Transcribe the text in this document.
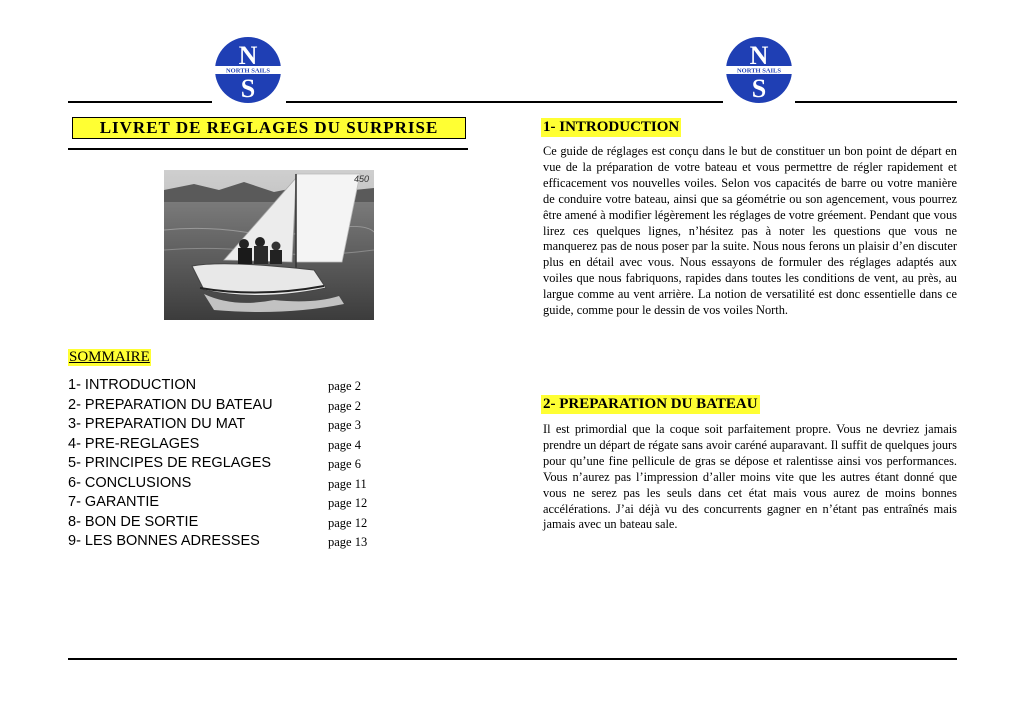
N
S
NORTH SAILS
N
S
NORTH SAILS
LIVRET DE REGLAGES DU SURPRISE
450
SOMMAIRE
1- INTRODUCTION	page 2
2- PREPARATION DU BATEAU	page 2
3- PREPARATION DU MAT	page 3
4- PRE-REGLAGES	page 4
5- PRINCIPES DE REGLAGES	page 6
6- CONCLUSIONS	page 11
7- GARANTIE	page 12
8- BON DE SORTIE	page 12
9- LES BONNES ADRESSES	page 13
1- INTRODUCTION

Ce guide de réglages est conçu dans le but de constituer un bon point de départ en vue de la préparation de votre bateau et vous permettre de régler rapidement et efficacement vos nouvelles voiles. Selon vos capacités de barre ou votre manière de conduire votre bateau, ainsi que sa géométrie ou son agencement, vous pourrez être amené à modifier légèrement les réglages de votre gréement. Pendant que vous lirez ces quelques lignes, n’hésitez pas à noter les questions que vous ne manquerez pas de nous poser par la suite. Nous nous ferons un plaisir d’en discuter plus en détail avec vous. Nous essayons de formuler des réglages adaptés aux voiles que nous fabriquons, rapides dans toutes les conditions de vent, au près, au largue comme au vent arrière. La notion de versatilité est donc essentielle dans ce guide, comme pour le dessin de vos voiles North.

2- PREPARATION DU BATEAU

Il est primordial que la coque soit parfaitement propre. Vous ne devriez jamais prendre un départ de régate sans avoir caréné auparavant. Il suffit de quelques jours pour qu’une fine pellicule de gras se dépose et ralentisse ainsi vos performances. Vous n’aurez pas l’impression d’aller moins vite que les autres étant donné que vous ne serez pas les seuls dans cet état mais vous aurez de moins bonnes accélérations. J’ai déjà vu des concurrents gagner en n’étant pas entraînés mais jamais avec un bateau sale.
